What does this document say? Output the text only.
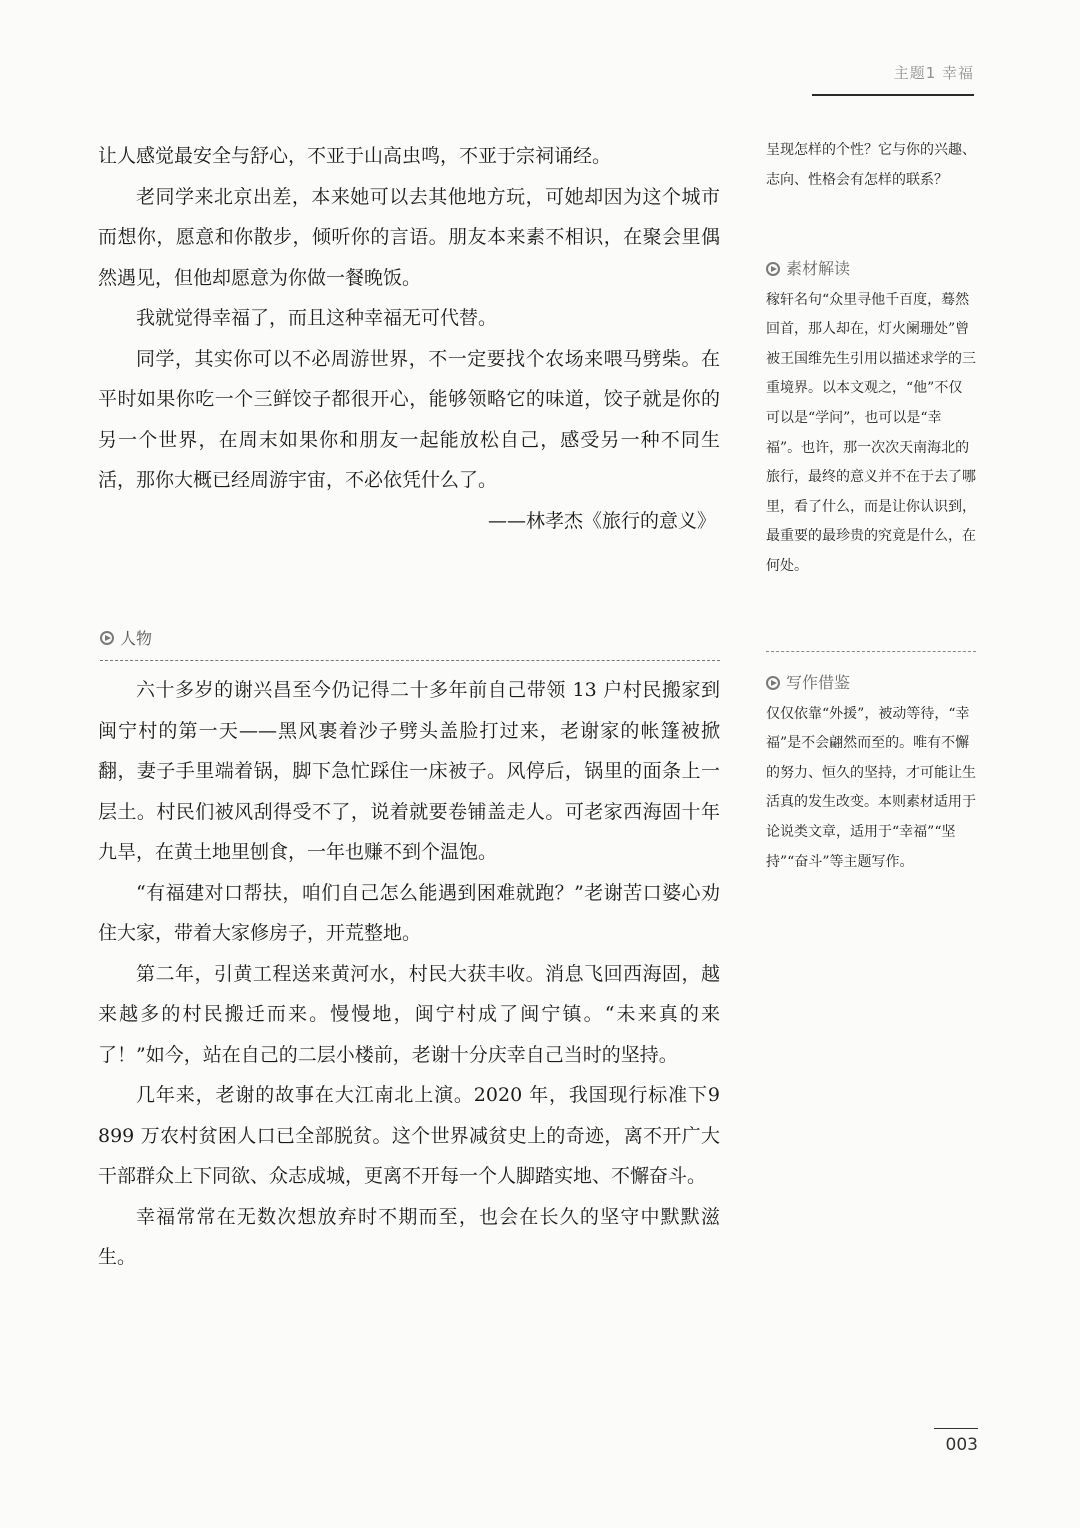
主题1 幸福

让人感觉最安全与舒心，不亚于山高虫鸣，不亚于宗祠诵经。

老同学来北京出差，本来她可以去其他地方玩，可她却因为这个城市而想你，愿意和你散步，倾听你的言语。朋友本来素不相识，在聚会里偶然遇见，但他却愿意为你做一餐晚饭。

我就觉得幸福了，而且这种幸福无可代替。

同学，其实你可以不必周游世界，不一定要找个农场来喂马劈柴。在平时如果你吃一个三鲜饺子都很开心，能够领略它的味道，饺子就是你的另一个世界，在周末如果你和朋友一起能放松自己，感受另一种不同生活，那你大概已经周游宇宙，不必依凭什么了。

——林孝杰《旅行的意义》

人物

六十多岁的谢兴昌至今仍记得二十多年前自己带领 13 户村民搬家到闽宁村的第一天——黑风裹着沙子劈头盖脸打过来，老谢家的帐篷被掀翻，妻子手里端着锅，脚下急忙踩住一床被子。风停后，锅里的面条上一层土。村民们被风刮得受不了，说着就要卷铺盖走人。可老家西海固十年九旱，在黄土地里刨食，一年也赚不到个温饱。

“有福建对口帮扶，咱们自己怎么能遇到困难就跑？”老谢苦口婆心劝住大家，带着大家修房子，开荒整地。

第二年，引黄工程送来黄河水，村民大获丰收。消息飞回西海固，越来越多的村民搬迁而来。慢慢地，闽宁村成了闽宁镇。“未来真的来了！”如今，站在自己的二层小楼前，老谢十分庆幸自己当时的坚持。

几年来，老谢的故事在大江南北上演。2020 年，我国现行标准下9 899 万农村贫困人口已全部脱贫。这个世界减贫史上的奇迹，离不开广大干部群众上下同欲、众志成城，更离不开每一个人脚踏实地、不懈奋斗。

幸福常常在无数次想放弃时不期而至，也会在长久的坚守中默默滋生。

呈现怎样的个性？它与你的兴趣、志向、性格会有怎样的联系？

素材解读

稼轩名句“众里寻他千百度，蓦然回首，那人却在，灯火阑珊处”曾被王国维先生引用以描述求学的三重境界。以本文观之，“他”不仅可以是“学问”，也可以是“幸福”。也许，那一次次天南海北的旅行，最终的意义并不在于去了哪里，看了什么，而是让你认识到，最重要的最珍贵的究竟是什么，在何处。

写作借鉴

仅仅依靠“外援”，被动等待，“幸福”是不会翩然而至的。唯有不懈的努力、恒久的坚持，才可能让生活真的发生改变。本则素材适用于论说类文章，适用于“幸福”“坚持”“奋斗”等主题写作。

003
